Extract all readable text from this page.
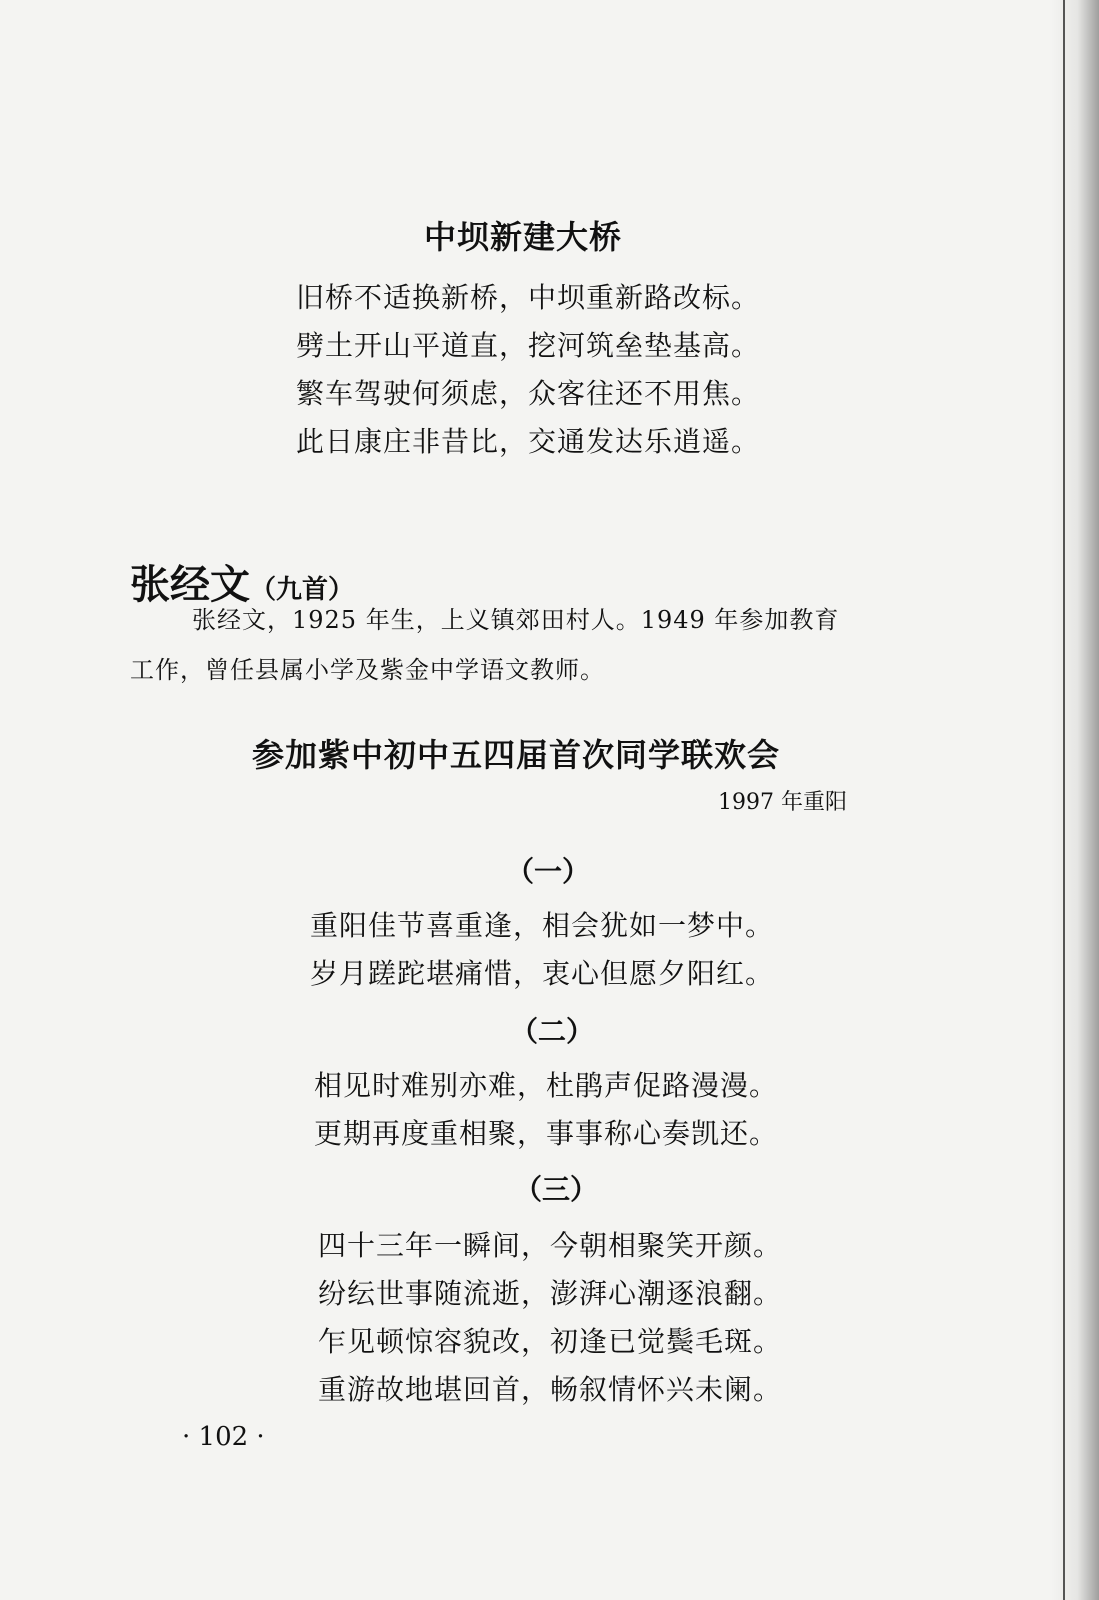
中坝新建大桥
旧桥不适换新桥，中坝重新路改标。
劈土开山平道直，挖河筑垒垫基高。
繁车驾驶何须虑，众客往还不用焦。
此日康庄非昔比，交通发达乐逍遥。
张经文（九首）
张经文，1925 年生，上义镇郊田村人。1949 年参加教育
工作，曾任县属小学及紫金中学语文教师。
参加紫中初中五四届首次同学联欢会
1997 年重阳
（一）
重阳佳节喜重逢，相会犹如一梦中。
岁月蹉跎堪痛惜，衷心但愿夕阳红。
（二）
相见时难别亦难，杜鹃声促路漫漫。
更期再度重相聚，事事称心奏凯还。
（三）
四十三年一瞬间，今朝相聚笑开颜。
纷纭世事随流逝，澎湃心潮逐浪翻。
乍见顿惊容貌改，初逢已觉鬓毛斑。
重游故地堪回首，畅叙情怀兴未阑。
· 102 ·
